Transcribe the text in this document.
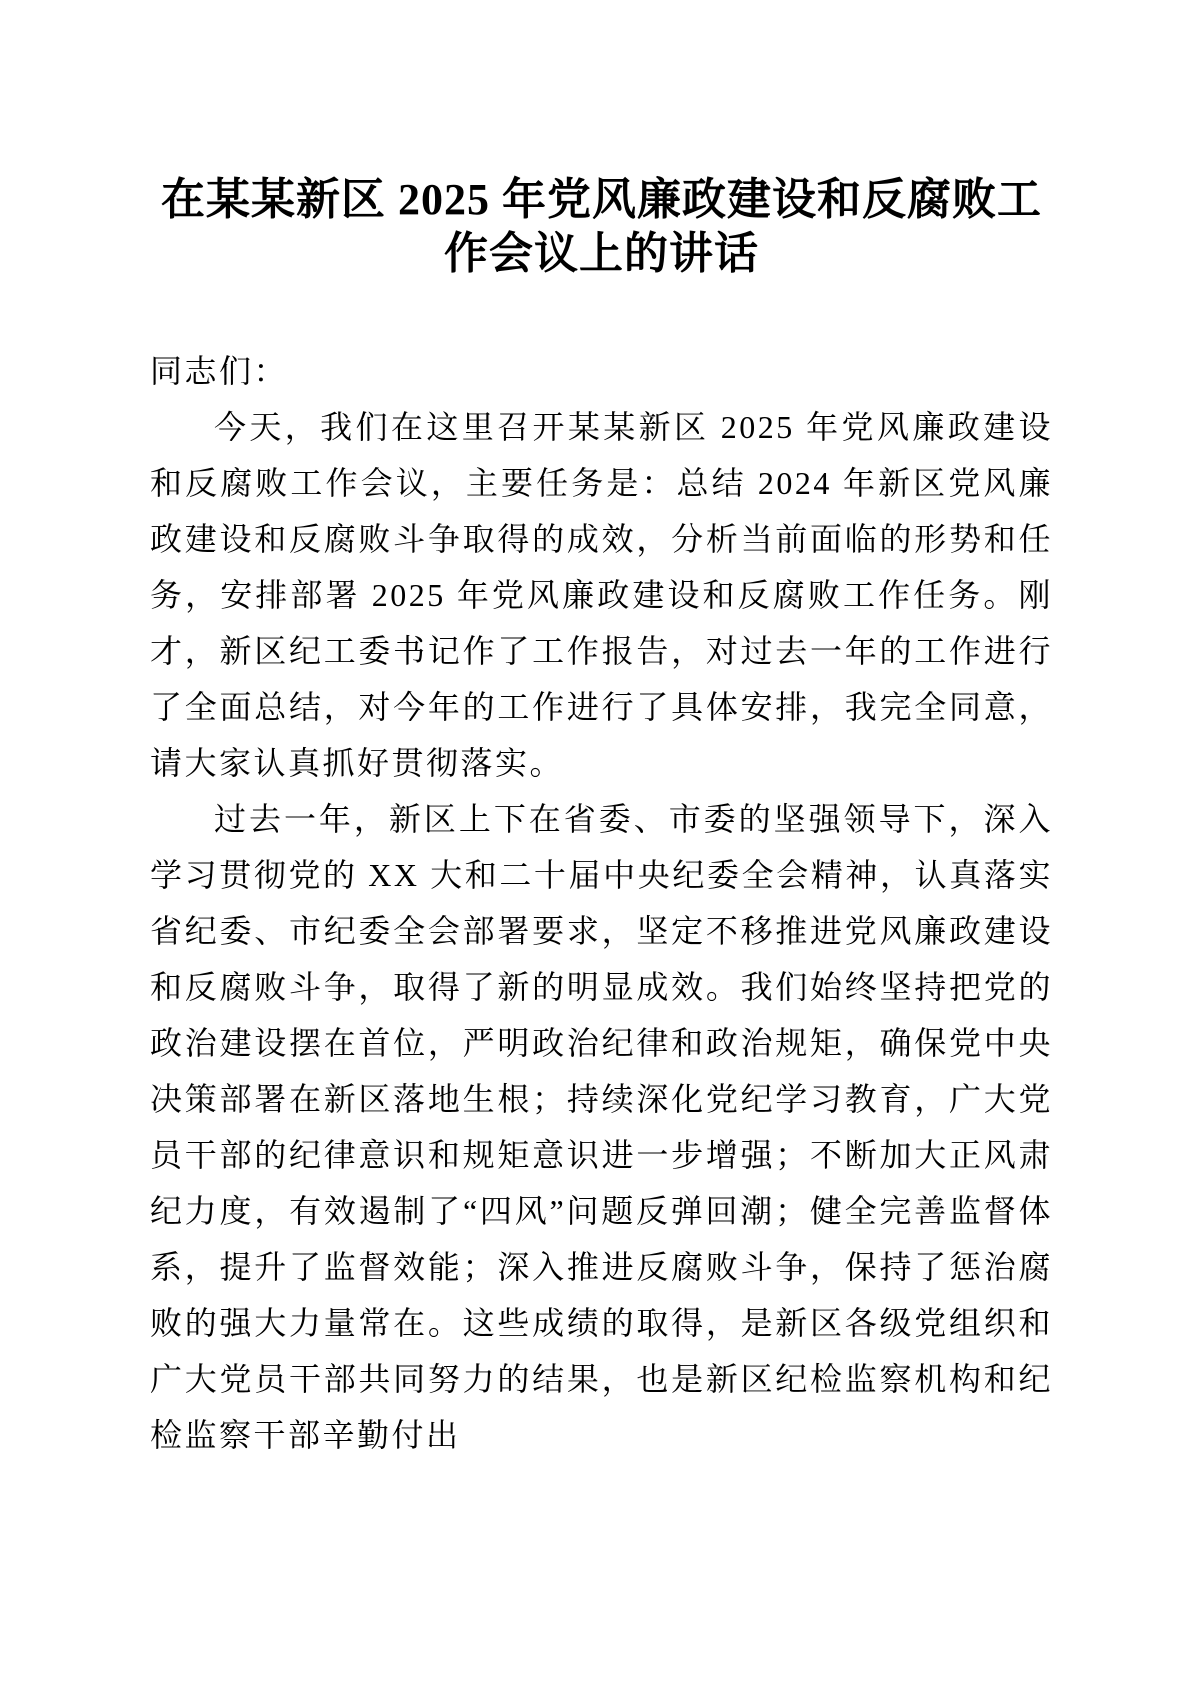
在某某新区 2025 年党风廉政建设和反腐败工作会议上的讲话

同志们：

今天，我们在这里召开某某新区 2025 年党风廉政建设和反腐败工作会议，主要任务是：总结 2024 年新区党风廉政建设和反腐败斗争取得的成效，分析当前面临的形势和任务，安排部署 2025 年党风廉政建设和反腐败工作任务。刚才，新区纪工委书记作了工作报告，对过去一年的工作进行了全面总结，对今年的工作进行了具体安排，我完全同意，请大家认真抓好贯彻落实。

过去一年，新区上下在省委、市委的坚强领导下，深入学习贯彻党的 XX 大和二十届中央纪委全会精神，认真落实省纪委、市纪委全会部署要求，坚定不移推进党风廉政建设和反腐败斗争，取得了新的明显成效。我们始终坚持把党的政治建设摆在首位，严明政治纪律和政治规矩，确保党中央决策部署在新区落地生根；持续深化党纪学习教育，广大党员干部的纪律意识和规矩意识进一步增强；不断加大正风肃纪力度，有效遏制了“四风”问题反弹回潮；健全完善监督体系，提升了监督效能；深入推进反腐败斗争，保持了惩治腐败的强大力量常在。这些成绩的取得，是新区各级党组织和广大党员干部共同努力的结果，也是新区纪检监察机构和纪检监察干部辛勤付出
